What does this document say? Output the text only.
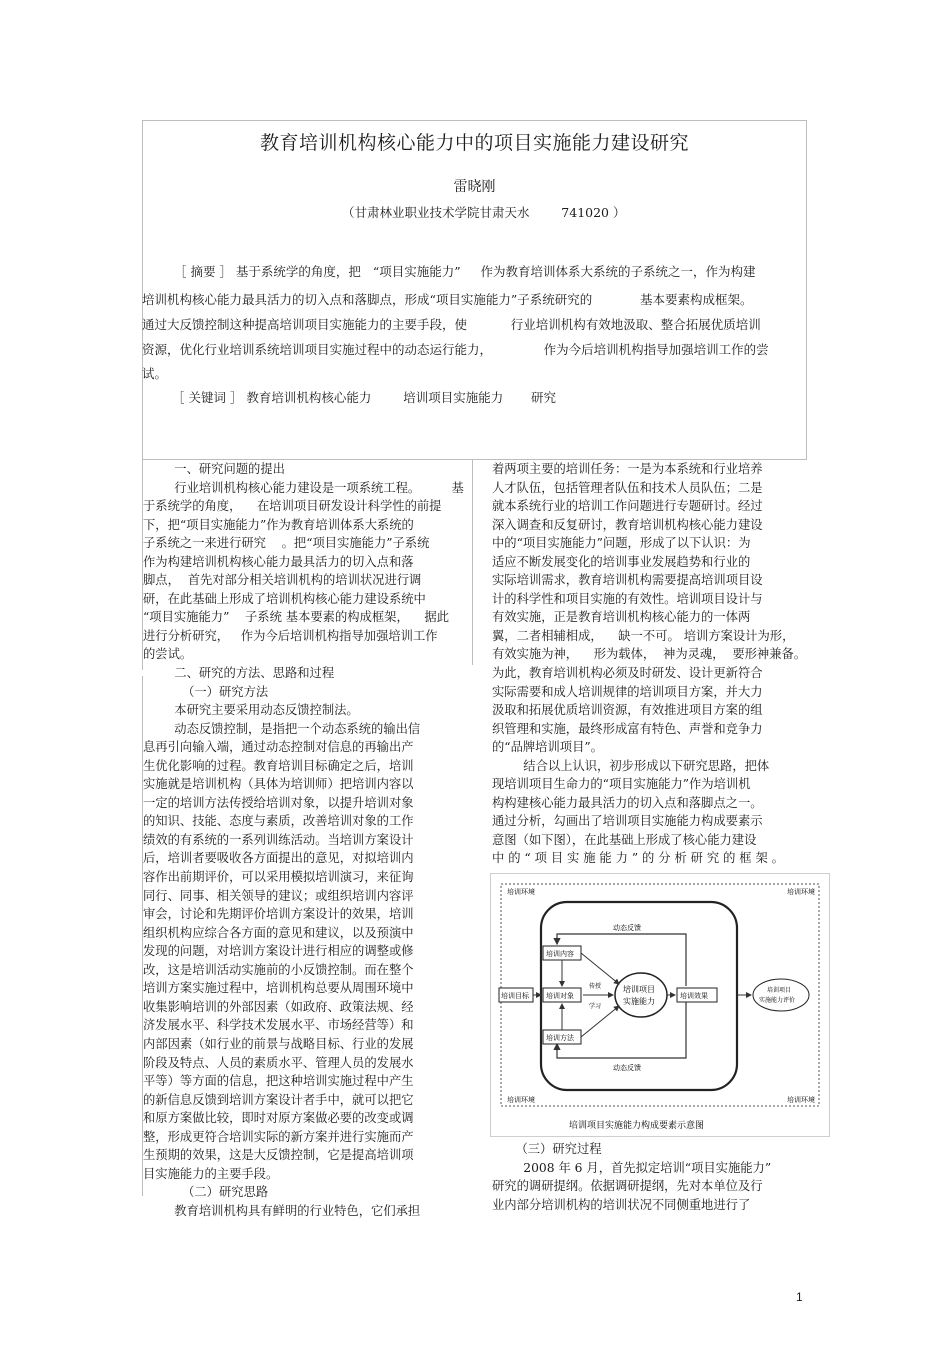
教育培训机构核心能力中的项目实施能力建设研究
雷晓刚
（甘肃林业职业技术学院甘肃天水        741020 ）
［ 摘要 ］ 基于系统学的角度，把   “项目实施能力”     作为教育培训体系大系统的子系统之一，作为构建
培训机构核心能力最具活力的切入点和落脚点，形成“项目实施能力”子系统研究的            基本要素构成框架。
通过大反馈控制这种提高培训项目实施能力的主要手段，使           行业培训机构有效地汲取、整合拓展优质培训
资源，优化行业培训系统培训项目实施过程中的动态运行能力，             作为今后培训机构指导加强培训工作的尝
试。
［ 关键词 ］ 教育培训机构核心能力        培训项目实施能力       研究
一、研究问题的提出
行业培训机构核心能力建设是一项系统工程。        基
于系统学的角度，    在培训项目研发设计科学性的前提
下，把“项目实施能力”作为教育培训体系大系统的
子系统之一来进行研究    。把“项目实施能力”子系统
作为构建培训机构核心能力最具活力的切入点和落
脚点，  首先对部分相关培训机构的培训状况进行调
研，在此基础上形成了培训机构核心能力建设系统中
“项目实施能力”    子系统 基本要素的构成框架，    据此
进行分析研究，   作为今后培训机构指导加强培训工作
的尝试。
二、研究的方法、思路和过程
（一）研究方法
本研究主要采用动态反馈控制法。
动态反馈控制，是指把一个动态系统的输出信
息再引向输入端，通过动态控制对信息的再输出产
生优化影响的过程。教育培训目标确定之后，培训
实施就是培训机构（具体为培训师）把培训内容以
一定的培训方法传授给培训对象，以提升培训对象
的知识、技能、态度与素质，改善培训对象的工作
绩效的有系统的一系列训练活动。当培训方案设计
后，培训者要吸收各方面提出的意见，对拟培训内
容作出前期评价，可以采用模拟培训演习，来征询
同行、同事、相关领导的建议；或组织培训内容评
审会，讨论和先期评价培训方案设计的效果，培训
组织机构应综合各方面的意见和建议，以及预演中
发现的问题，对培训方案设计进行相应的调整或修
改，这是培训活动实施前的小反馈控制。而在整个
培训方案实施过程中，培训机构总要从周围环境中
收集影响培训的外部因素（如政府、政策法规、经
济发展水平、科学技术发展水平、市场经营等）和
内部因素（如行业的前景与战略目标、行业的发展
阶段及特点、人员的素质水平、管理人员的发展水
平等）等方面的信息，把这种培训实施过程中产生
的新信息反馈到培训方案设计者手中，就可以把它
和原方案做比较，即时对原方案做必要的改变或调
整，形成更符合培训实际的新方案并进行实施而产
生预期的效果，这是大反馈控制，它是提高培训项
目实施能力的主要手段。
（二）研究思路
教育培训机构具有鲜明的行业特色，它们承担
着两项主要的培训任务：一是为本系统和行业培养
人才队伍，包括管理者队伍和技术人员队伍；二是
就本系统行业的培训工作问题进行专题研讨。经过
深入调查和反复研讨，教育培训机构核心能力建设
中的“项目实施能力”问题，形成了以下认识：为
适应不断发展变化的培训事业发展趋势和行业的
实际培训需求，教育培训机构需要提高培训项目设
计的科学性和项目实施的有效性。培训项目设计与
有效实施，正是教育培训机构核心能力的一体两
翼，二者相辅相成，    缺一不可。 培训方案设计为形，
有效实施为神，    形为载体，  神为灵魂，  要形神兼备。
为此，教育培训机构必须及时研发、设计更新符合
实际需要和成人培训规律的培训项目方案，并大力
汲取和拓展优质培训资源，有效推进项目方案的组
织管理和实施，最终形成富有特色、声誉和竞争力
的“品牌培训项目”。
结合以上认识，初步形成以下研究思路，把体
现培训项目生命力的“项目实施能力”作为培训机
构构建核心能力最具活力的切入点和落脚点之一。
通过分析，勾画出了培训项目实施能力构成要素示
意图（如下图），在此基础上形成了核心能力建设
中 的 “ 项 目 实 施 能 力 ” 的 分 析 研 究 的 框 架 。
（三）研究过程
2008 年 6 月，首先拟定培训“项目实施能力”
研究的调研提纲。依据调研提纲，先对本单位及行
业内部分培训机构的培训状况不同侧重地进行了
培训环境	培训环境
培训环境	培训环境
动态反馈
动态反馈
培训内容
培训对象
培训方法
培训目标
培训项目
实施能力
传授
学习
培训效果
培训项目
实施能力评价
培训项目实施能力构成要素示意图
1
